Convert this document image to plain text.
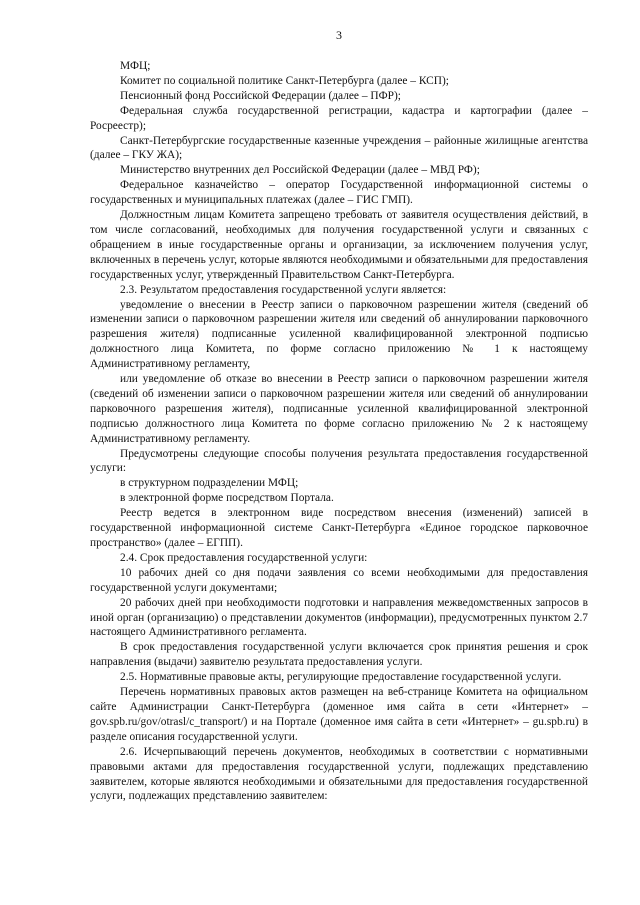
3

МФЦ;

Комитет по социальной политике Санкт-Петербурга (далее – КСП);

Пенсионный фонд Российской Федерации (далее – ПФР);

Федеральная служба государственной регистрации, кадастра и картографии (далее – Росреестр);

Санкт-Петербургские государственные казенные учреждения – районные жилищные агентства (далее – ГКУ ЖА);

Министерство внутренних дел Российской Федерации (далее – МВД РФ);

Федеральное казначейство – оператор Государственной информационной системы о государственных и муниципальных платежах (далее – ГИС ГМП).

Должностным лицам Комитета запрещено требовать от заявителя осуществления действий, в том числе согласований, необходимых для получения государственной услуги и связанных с обращением в иные государственные органы и организации, за исключением получения услуг, включенных в перечень услуг, которые являются необходимыми и обязательными для предоставления государственных услуг, утвержденный Правительством Санкт-Петербурга.

2.3. Результатом предоставления государственной услуги является:

уведомление о внесении в Реестр записи о парковочном разрешении жителя (сведений об изменении записи о парковочном разрешении жителя или сведений об аннулировании парковочного разрешения жителя) подписанные усиленной квалифицированной электронной подписью должностного лица Комитета, по форме согласно приложению № 1 к настоящему Административному регламенту,

или уведомление об отказе во внесении в Реестр записи о парковочном разрешении жителя (сведений об изменении записи о парковочном разрешении жителя или сведений об аннулировании парковочного разрешения жителя), подписанные усиленной квалифицированной электронной подписью должностного лица Комитета по форме согласно приложению № 2 к настоящему Административному регламенту.

Предусмотрены следующие способы получения результата предоставления государственной услуги:

в структурном подразделении МФЦ;

в электронной форме посредством Портала.

Реестр ведется в электронном виде посредством внесения (изменений) записей в государственной информационной системе Санкт-Петербурга «Единое городское парковочное пространство» (далее – ЕГПП).

2.4. Срок предоставления государственной услуги:

10 рабочих дней со дня подачи заявления со всеми необходимыми для предоставления государственной услуги документами;

20 рабочих дней при необходимости подготовки и направления межведомственных запросов в иной орган (организацию) о представлении документов (информации), предусмотренных пунктом 2.7 настоящего Административного регламента.

В срок предоставления государственной услуги включается срок принятия решения и срок направления (выдачи) заявителю результата предоставления услуги.

2.5. Нормативные правовые акты, регулирующие предоставление государственной услуги.

Перечень нормативных правовых актов размещен на веб-странице Комитета на официальном сайте Администрации Санкт-Петербурга (доменное имя сайта в сети «Интернет» – gov.spb.ru/gov/otrasl/c_transport/) и на Портале (доменное имя сайта в сети «Интернет» – gu.spb.ru) в разделе описания государственной услуги.

2.6. Исчерпывающий перечень документов, необходимых в соответствии с нормативными правовыми актами для предоставления государственной услуги, подлежащих представлению заявителем, которые являются необходимыми и обязательными для предоставления государственной услуги, подлежащих представлению заявителем:
